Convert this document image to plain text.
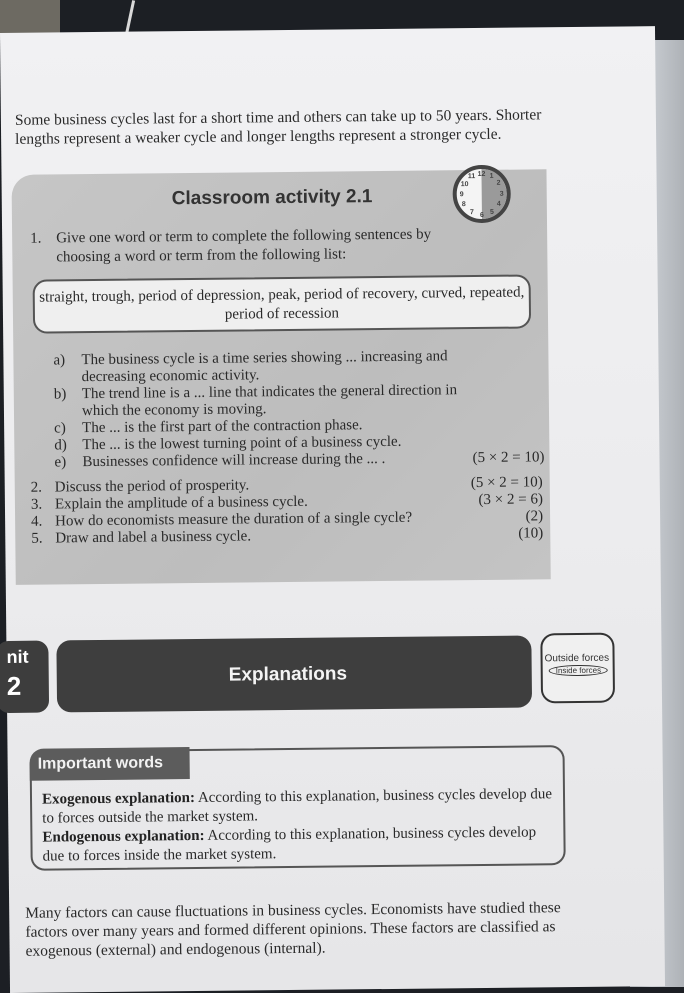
Some business cycles last for a short time and others can take up to 50 years. Shorter lengths represent a weaker cycle and longer lengths represent a stronger cycle.

Classroom activity 2.1
12 1
2
3
4
5
6
7
8
9
10
11
1. Give one word or term to complete the following sentences by choosing a word or term from the following list:
straight, trough, period of depression, peak, period of recovery, curved, repeated, period of recession
a) The business cycle is a time series showing ... increasing and decreasing economic activity.
b) The trend line is a ... line that indicates the general direction in which the economy is moving.
c) The ... is the first part of the contraction phase.
d) The ... is the lowest turning point of a business cycle.
e) Businesses confidence will increase during the ... .	(5 × 2 = 10)
2. Discuss the period of prosperity.	(5 × 2 = 10)
3. Explain the amplitude of a business cycle.	(3 × 2 = 6)
4. How do economists measure the duration of a single cycle?	(2)
5. Draw and label a business cycle.	(10)
nit
2	Explanations
Outside forces
Inside forces
Important words
Exogenous explanation: According to this explanation, business cycles develop due to forces outside the market system.
Endogenous explanation: According to this explanation, business cycles develop due to forces inside the market system.

Many factors can cause fluctuations in business cycles. Economists have studied these factors over many years and formed different opinions. These factors are classified as exogenous (external) and endogenous (internal).
